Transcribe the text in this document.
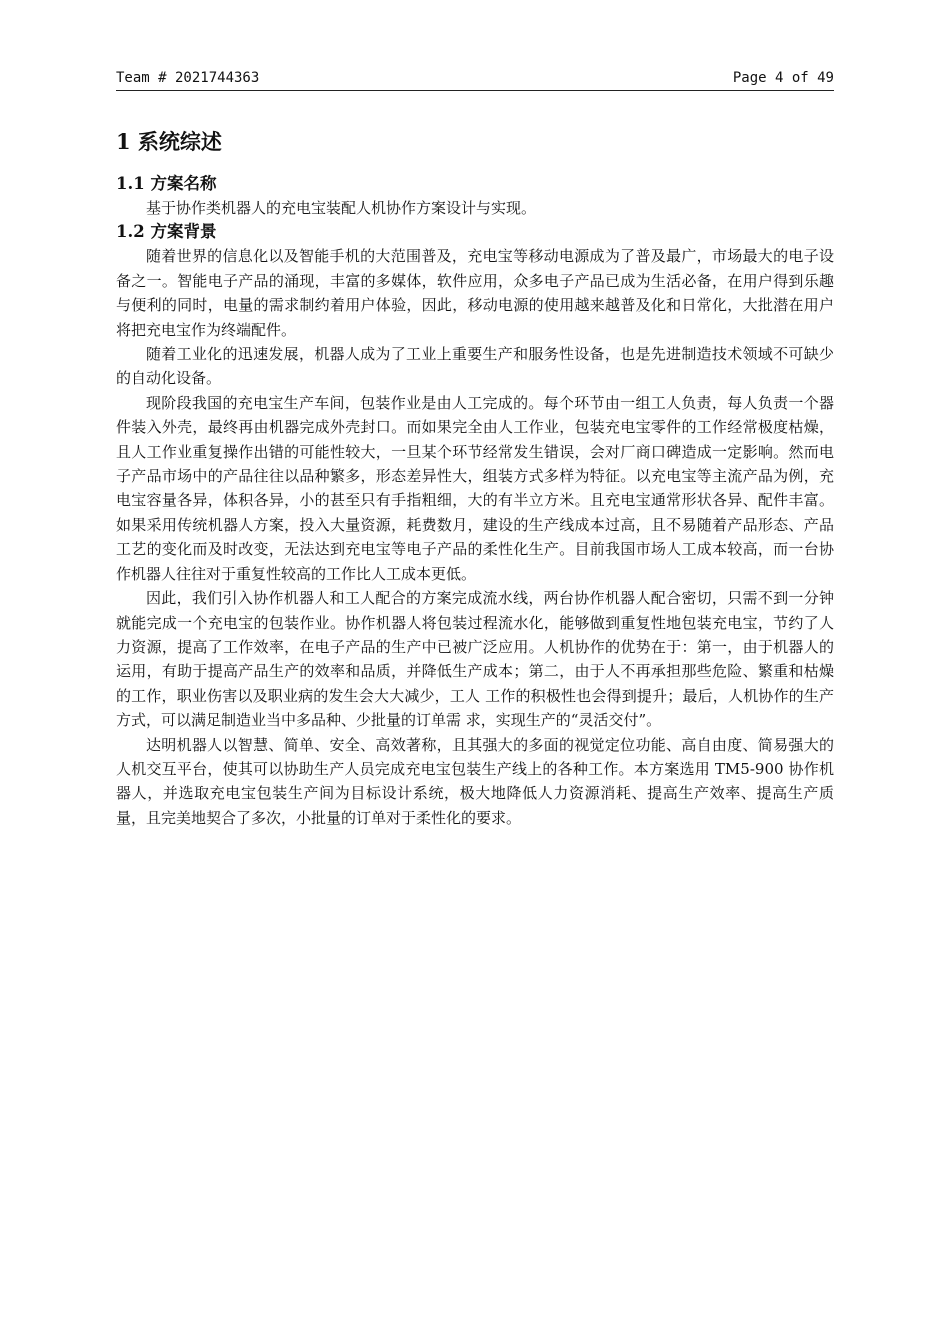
Team # 2021744363	Page 4 of 49
1 系统综述
1.1 方案名称

基于协作类机器人的充电宝装配人机协作方案设计与实现。

1.2 方案背景

随着世界的信息化以及智能手机的大范围普及，充电宝等移动电源成为了普及最广，市场最大的电子设备之一。智能电子产品的涌现，丰富的多媒体，软件应用，众多电子产品已成为生活必备，在用户得到乐趣与便利的同时，电量的需求制约着用户体验，因此，移动电源的使用越来越普及化和日常化，大批潜在用户将把充电宝作为终端配件。

随着工业化的迅速发展，机器人成为了工业上重要生产和服务性设备，也是先进制造技术领域不可缺少的自动化设备。

现阶段我国的充电宝生产车间，包装作业是由人工完成的。每个环节由一组工人负责，每人负责一个器件装入外壳，最终再由机器完成外壳封口。而如果完全由人工作业，包装充电宝零件的工作经常极度枯燥，且人工作业重复操作出错的可能性较大，一旦某个环节经常发生错误，会对厂商口碑造成一定影响。然而电子产品市场中的产品往往以品种繁多，形态差异性大，组装方式多样为特征。以充电宝等主流产品为例，充电宝容量各异，体积各异，小的甚至只有手指粗细，大的有半立方米。且充电宝通常形状各异、配件丰富。如果采用传统机器人方案，投入大量资源，耗费数月，建设的生产线成本过高，且不易随着产品形态、产品工艺的变化而及时改变，无法达到充电宝等电子产品的柔性化生产。目前我国市场人工成本较高，而一台协作机器人往往对于重复性较高的工作比人工成本更低。

因此，我们引入协作机器人和工人配合的方案完成流水线，两台协作机器人配合密切，只需不到一分钟就能完成一个充电宝的包装作业。协作机器人将包装过程流水化，能够做到重复性地包装充电宝，节约了人力资源，提高了工作效率，在电子产品的生产中已被广泛应用。人机协作的优势在于：第一，由于机器人的运用，有助于提高产品生产的效率和品质，并降低生产成本；第二，由于人不再承担那些危险、繁重和枯燥的工作，职业伤害以及职业病的发生会大大减少，工人 工作的积极性也会得到提升；最后，人机协作的生产方式，可以满足制造业当中多品种、少批量的订单需 求，实现生产的“灵活交付”。

达明机器人以智慧、简单、安全、高效著称，且其强大的多面的视觉定位功能、高自由度、简易强大的人机交互平台，使其可以协助生产人员完成充电宝包装生产线上的各种工作。本方案选用 TM5-900 协作机器人，并选取充电宝包装生产间为目标设计系统，极大地降低人力资源消耗、提高生产效率、提高生产质量，且完美地契合了多次，小批量的订单对于柔性化的要求。
